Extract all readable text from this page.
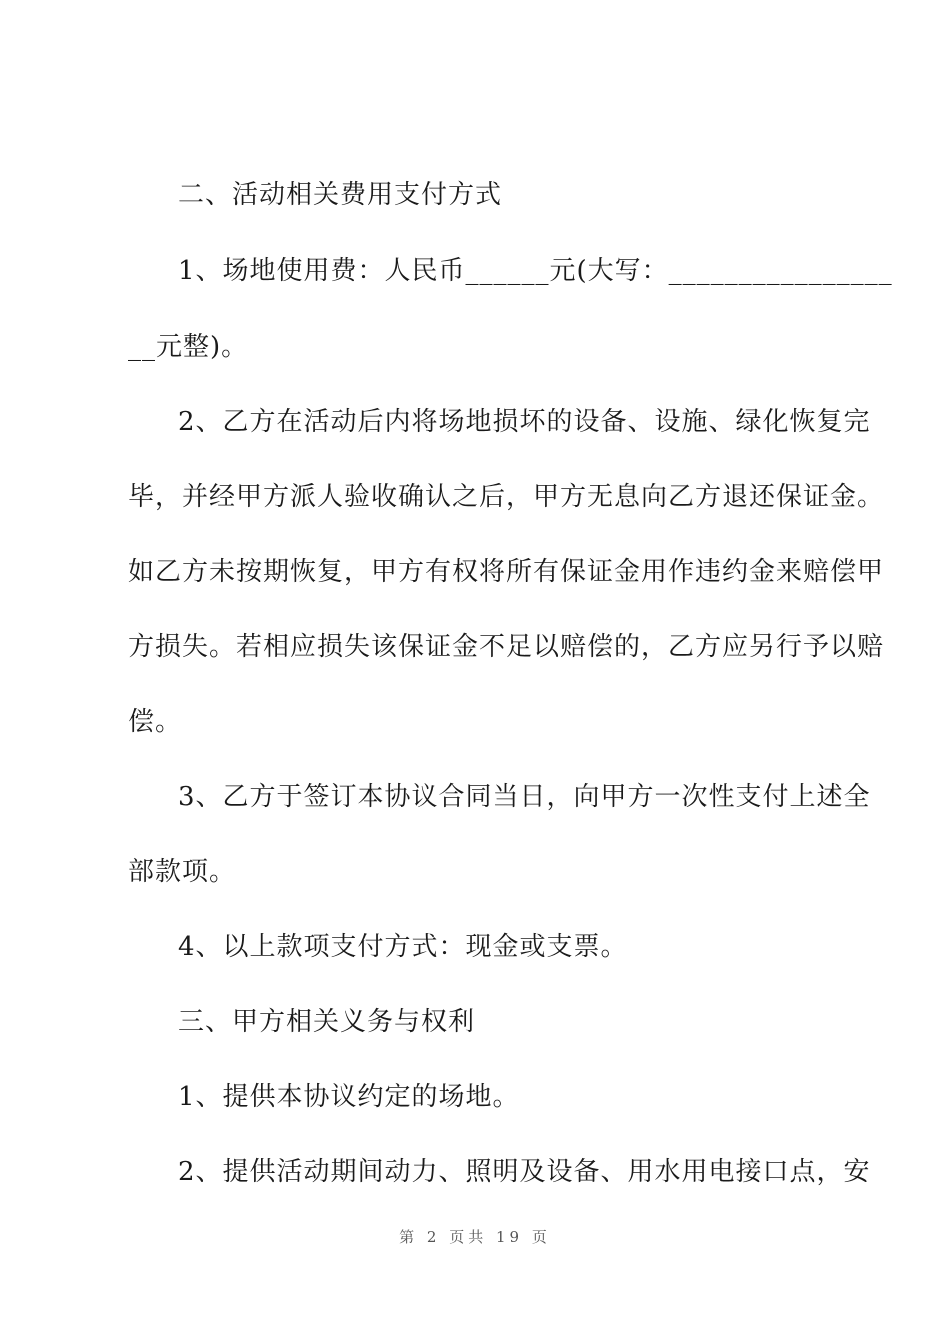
二、活动相关费用支付方式
1、场地使用费：人民币______元(大写：________________
__元整)。
2、乙方在活动后内将场地损坏的设备、设施、绿化恢复完
毕，并经甲方派人验收确认之后，甲方无息向乙方退还保证金。
如乙方未按期恢复，甲方有权将所有保证金用作违约金来赔偿甲
方损失。若相应损失该保证金不足以赔偿的，乙方应另行予以赔
偿。
3、乙方于签订本协议合同当日，向甲方一次性支付上述全
部款项。
4、以上款项支付方式：现金或支票。
三、甲方相关义务与权利
1、提供本协议约定的场地。
2、提供活动期间动力、照明及设备、用水用电接口点，安
第 2 页共 19 页
